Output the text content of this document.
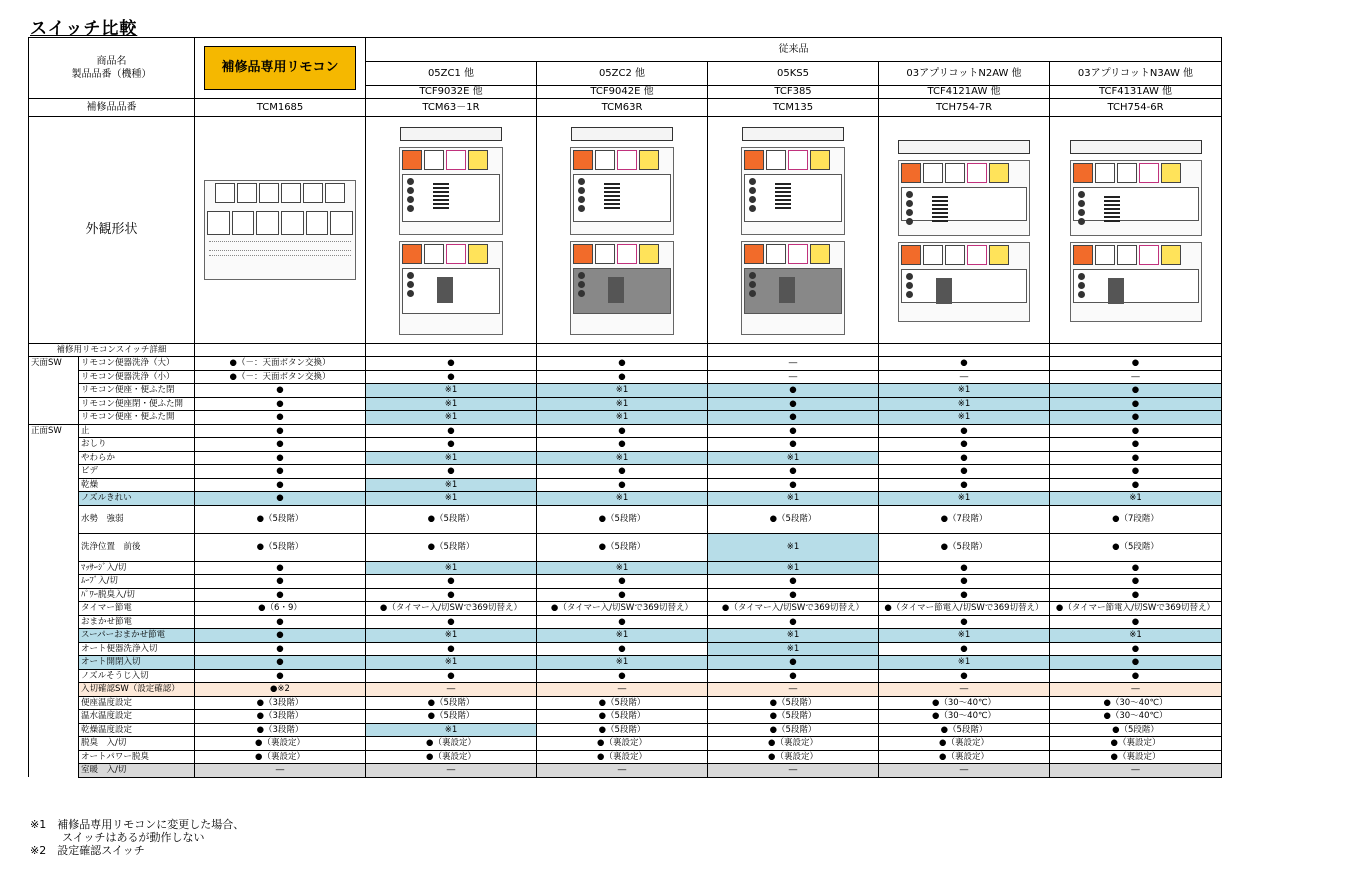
スイッチ比較
商品名
製品品番（機種）		補修品専用リモコン	従来品				
			05ZC1 他	05ZC2 他	05KS5	03アプリコットN2AW 他	03アプリコットN3AW 他
			TCF9032E 他	TCF9042E 他	TCF385	TCF4121AW 他	TCF4131AW 他
補修品品番		TCM1685	TCM63－1R	TCM63R	TCM135	TCH754-7R	TCH754-6R
外観形状		

補修用リモコンスイッチ詳細							
天面SW	リモコン便器洗浄（大）	●（－：天面ボタン交換）	●	●	―	●	●
	リモコン便器洗浄（小）	●（－：天面ボタン交換）	●	●	―	―	―
	リモコン便座・便ふた閉	●	※1	※1	●	※1	●
	リモコン便座閉・便ふた開	●	※1	※1	●	※1	●
	リモコン便座・便ふた開	●	※1	※1	●	※1	●
正面SW	止	●	●	●	●	●	●
	おしり	●	●	●	●	●	●
	やわらか	●	※1	※1	※1	●	●
	ビデ	●	●	●	●	●	●
	乾燥	●	※1	●	●	●	●
	ノズルきれい	●	※1	※1	※1	※1	※1
	水勢　強弱	●（5段階）	●（5段階）	●（5段階）	●（5段階）	●（7段階）	●（7段階）
	洗浄位置　前後	●（5段階）	●（5段階）	●（5段階）	※1	●（5段階）	●（5段階）
	ﾏｯｻｰｼﾞ入/切	●	※1	※1	※1	●	●
	ﾑｰﾌﾞ入/切	●	●	●	●	●	●
	ﾊﾟﾜｰ脱臭入/切	●	●	●	●	●	●
	タイマー節電	●（6・9）	●（タイマー入/切SWで369切替え）	●（タイマー入/切SWで369切替え）	●（タイマー入/切SWで369切替え）	●（タイマー節電入/切SWで369切替え）	●（タイマー節電入/切SWで369切替え）
	おまかせ節電	●	●	●	●	●	●
	スーパーおまかせ節電	●	※1	※1	※1	※1	※1
	オート便器洗浄入切	●	●	●	※1	●	●
	オート開閉入切	●	※1	※1	●	※1	●
	ノズルそうじ入切	●	●	●	●	●	●
	入切確認SW（設定確認）	●※2	―	―	―	―	―
	便座温度設定	●（3段階）	●（5段階）	●（5段階）	●（5段階）	●（30～40℃）	●（30～40℃）
	温水温度設定	●（3段階）	●（5段階）	●（5段階）	●（5段階）	●（30～40℃）	●（30～40℃）
	乾燥温度設定	●（3段階）	※1	●（5段階）	●（5段階）	●（5段階）	●（5段階）
	脱臭　入/切	●（裏設定）	●（裏設定）	●（裏設定）	●（裏設定）	●（裏設定）	●（裏設定）
	オートパワー脱臭	●（裏設定）	●（裏設定）	●（裏設定）	●（裏設定）	●（裏設定）	●（裏設定）
	室暖　入/切	―	―	―	―	―	―
※1　補修品専用リモコンに変更した場合、
スイッチはあるが動作しない
※2　設定確認スイッチ
